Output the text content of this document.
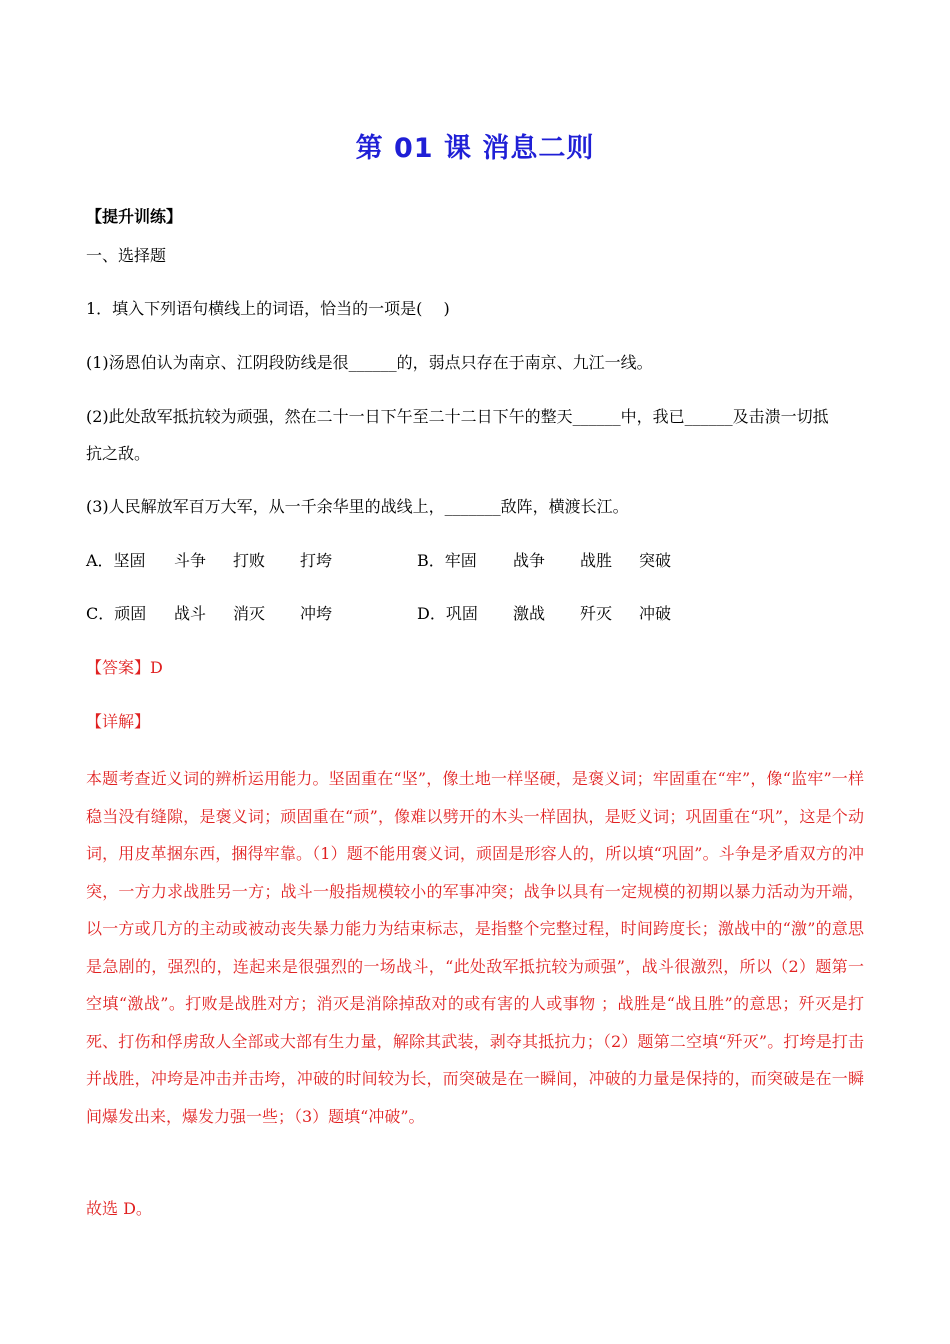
第 01 课 消息二则
【提升训练】
一、选择题
1．填入下列语句横线上的词语，恰当的一项是(　 )
(1)汤恩伯认为南京、江阴段防线是很______的，弱点只存在于南京、九江一线。
(2)此处敌军抵抗较为顽强，然在二十一日下午至二十二日下午的整天______中，我已______及击溃一切抵
抗之敌。
(3)人民解放军百万大军，从一千余华里的战线上，_______敌阵，横渡长江。
A．坚固 斗争 打败 打垮	B．牢固 战争 战胜 突破
C．顽固 战斗 消灭 冲垮	D．巩固 激战 歼灭 冲破
【答案】D
【详解】

本题考查近义词的辨析运用能力。坚固重在“坚”，像土地一样坚硬，是褒义词；牢固重在“牢”，像“监牢”一样稳当没有缝隙，是褒义词；顽固重在“顽”，像难以劈开的木头一样固执，是贬义词；巩固重在“巩”，这是个动词，用皮革捆东西，捆得牢靠。（1）题不能用褒义词，顽固是形容人的，所以填“巩固”。斗争是矛盾双方的冲突，一方力求战胜另一方；战斗一般指规模较小的军事冲突；战争以具有一定规模的初期以暴力活动为开端，以一方或几方的主动或被动丧失暴力能力为结束标志，是指整个完整过程，时间跨度长；激战中的“激”的意思是急剧的，强烈的，连起来是很强烈的一场战斗，“此处敌军抵抗较为顽强”，战斗很激烈，所以（2）题第一空填“激战”。打败是战胜对方；消灭是消除掉敌对的或有害的人或事物 ；战胜是“战且胜”的意思；歼灭是打死、打伤和俘虏敌人全部或大部有生力量，解除其武装，剥夺其抵抗力；（2）题第二空填“歼灭”。打垮是打击并战胜，冲垮是冲击并击垮，冲破的时间较为长，而突破是在一瞬间，冲破的力量是保持的，而突破是在一瞬间爆发出来，爆发力强一些；（3）题填“冲破”。

故选 D。
